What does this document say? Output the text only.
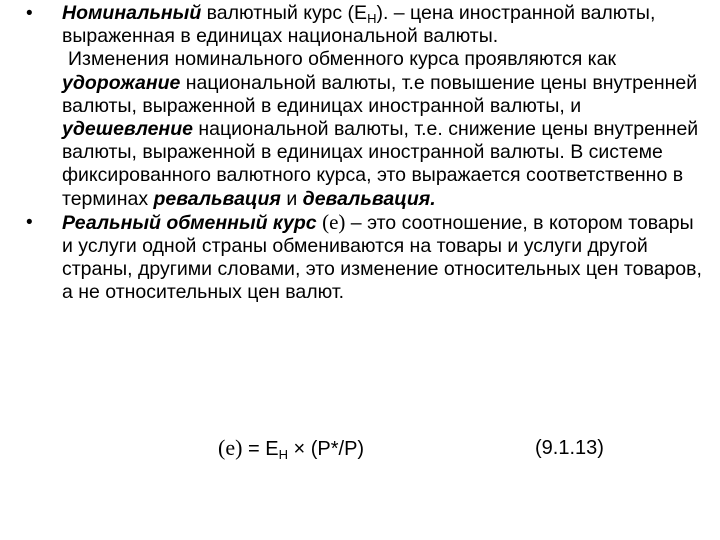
•	Номинальный валютный курс $(E_H)$. – цена иностранной валюты, выраженная в единицах национальной валюты.
Изменения номинального обменного курса проявляются как удорожание национальной валюты, т.е повышение цены внутренней валюты, выраженной в единицах иностранной валюты, и удешевление национальной валюты, т.е. снижение цены внутренней валюты, выраженной в единицах иностранной валюты. В системе фиксированного валютного курса, это выражается соответственно в терминах ревальвация и девальвация.
•	Реальный обменный курс (e) – это соотношение, в котором товары и услуги одной страны обмениваются на товары и услуги другой страны, другими словами, это изменение относительных цен товаров, а не относительных цен валют.
$(e) = E_H \times (P*/P)$	(9.1.13)
